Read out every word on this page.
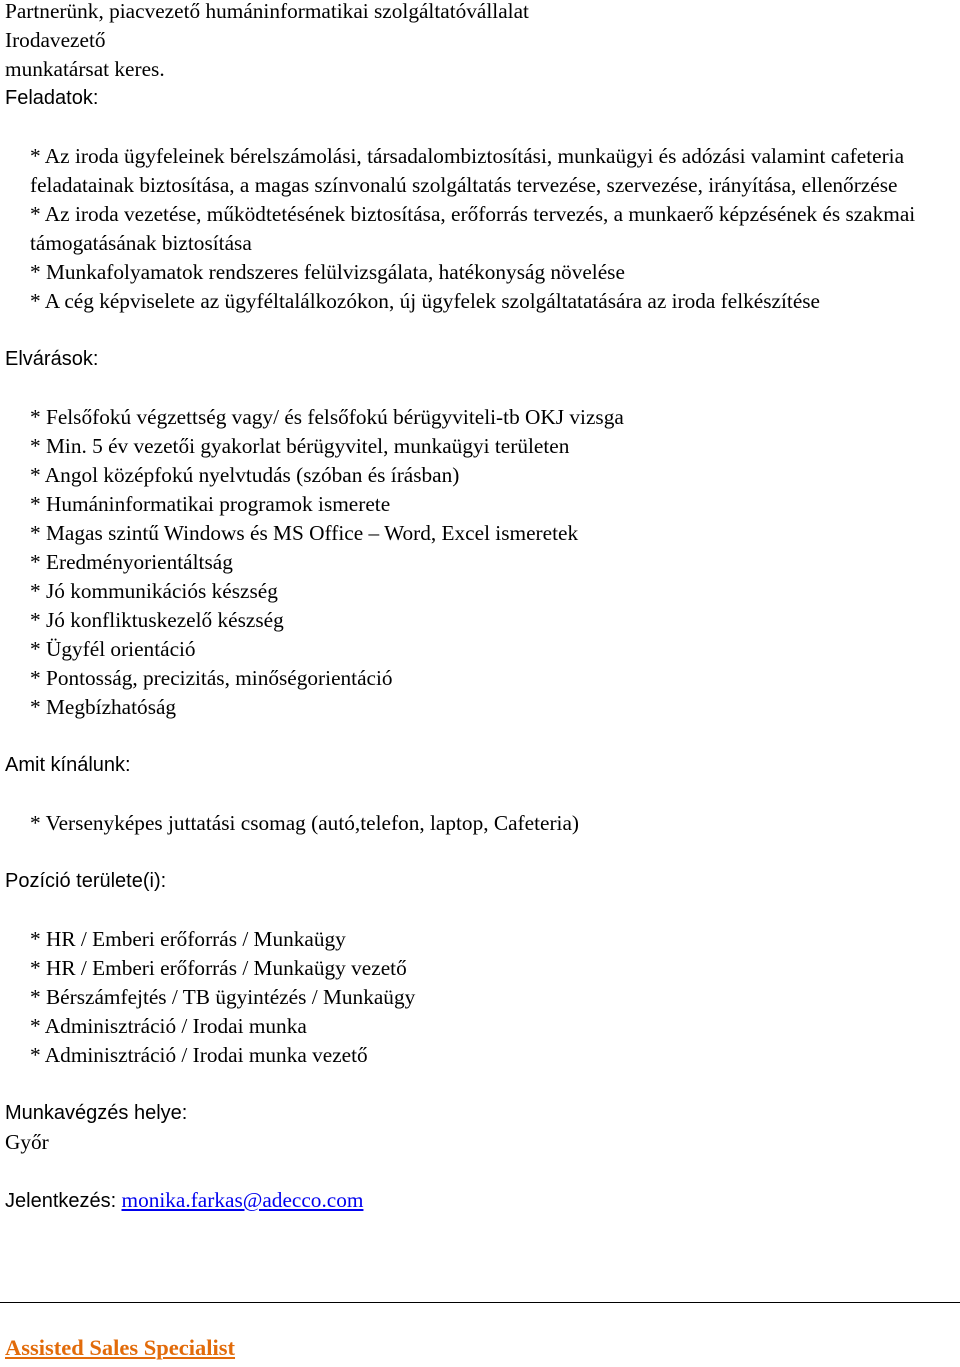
Partnerünk, piacvezető humáninformatikai szolgáltatóvállalat
Irodavezető
munkatársat keres.
Feladatok:
* Az iroda ügyfeleinek bérelszámolási, társadalombiztosítási, munkaügyi és adózási valamint cafeteria feladatainak biztosítása, a magas színvonalú szolgáltatás tervezése, szervezése, irányítása, ellenőrzése
* Az iroda vezetése, működtetésének biztosítása, erőforrás tervezés, a munkaerő képzésének és szakmai támogatásának biztosítása
* Munkafolyamatok rendszeres felülvizsgálata, hatékonyság növelése
* A cég képviselete az ügyféltalálkozókon, új ügyfelek szolgáltatatására az iroda felkészítése
Elvárások:
* Felsőfokú végzettség vagy/ és felsőfokú bérügyviteli-tb OKJ vizsga
* Min. 5 év vezetői gyakorlat bérügyvitel, munkaügyi területen
* Angol középfokú nyelvtudás (szóban és írásban)
* Humáninformatikai programok ismerete
* Magas szintű Windows és MS Office – Word, Excel ismeretek
* Eredményorientáltság
* Jó kommunikációs készség
* Jó konfliktuskezelő készség
* Ügyfél orientáció
* Pontosság, precizitás, minőségorientáció
* Megbízhatóság
Amit kínálunk:
* Versenyképes juttatási csomag (autó,telefon, laptop, Cafeteria)
Pozíció területe(i):
* HR / Emberi erőforrás / Munkaügy
* HR / Emberi erőforrás / Munkaügy vezető
* Bérszámfejtés / TB ügyintézés / Munkaügy
* Adminisztráció / Irodai munka
* Adminisztráció / Irodai munka vezető
Munkavégzés helye:
Győr
Jelentkezés: monika.farkas@adecco.com
Assisted Sales Specialist
